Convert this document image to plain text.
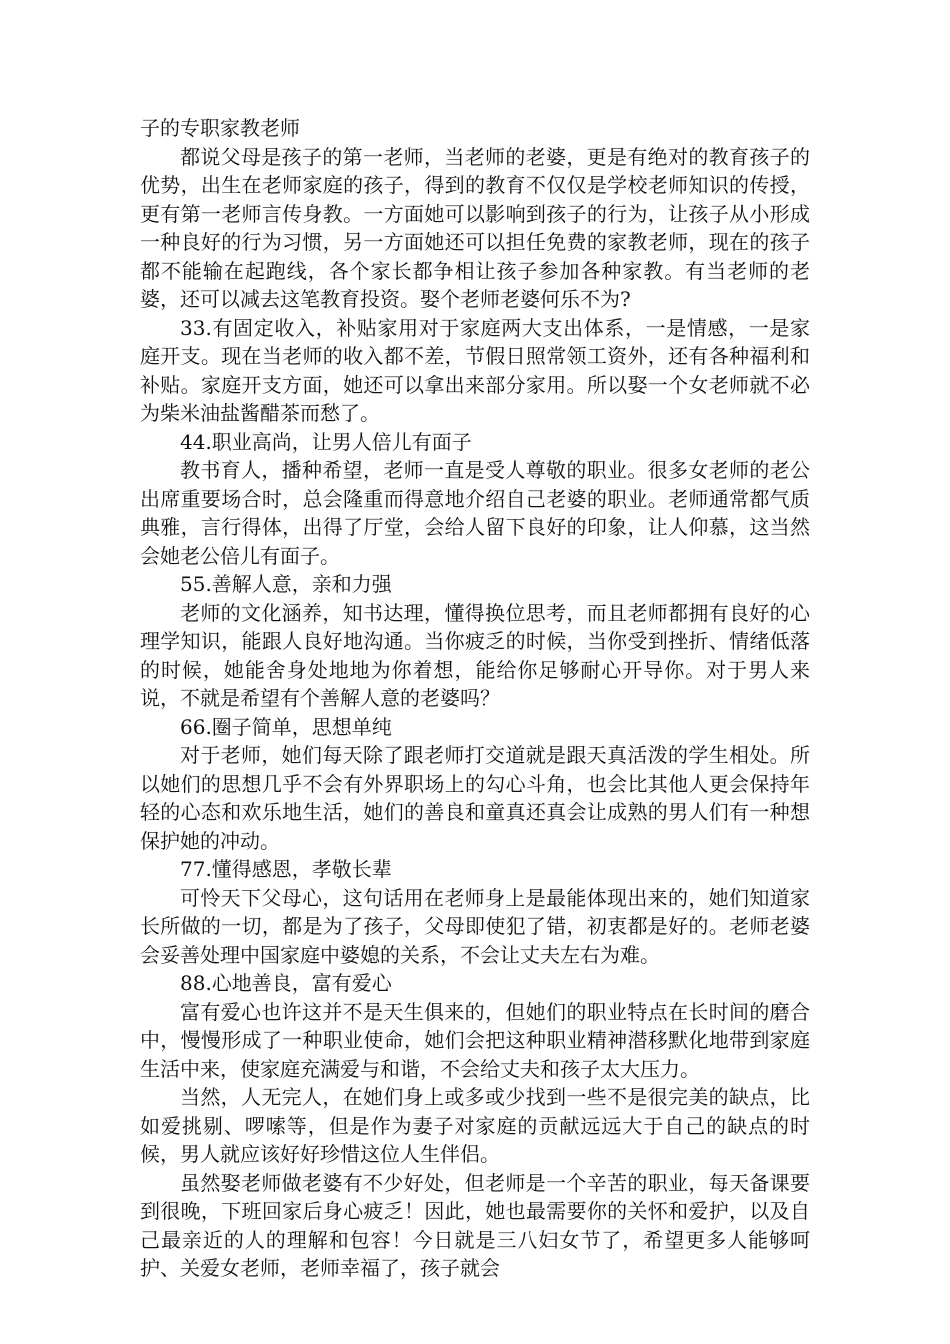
子的专职家教老师

都说父母是孩子的第一老师，当老师的老婆，更是有绝对的教育孩子的优势，出生在老师家庭的孩子，得到的教育不仅仅是学校老师知识的传授，更有第一老师言传身教。一方面她可以影响到孩子的行为，让孩子从小形成一种良好的行为习惯，另一方面她还可以担任免费的家教老师，现在的孩子都不能输在起跑线，各个家长都争相让孩子参加各种家教。有当老师的老婆，还可以减去这笔教育投资。娶个老师老婆何乐不为?

33.有固定收入，补贴家用对于家庭两大支出体系，一是情感，一是家庭开支。现在当老师的收入都不差，节假日照常领工资外，还有各种福利和补贴。家庭开支方面，她还可以拿出来部分家用。所以娶一个女老师就不必为柴米油盐酱醋茶而愁了。

44.职业高尚，让男人倍儿有面子

教书育人，播种希望，老师一直是受人尊敬的职业。很多女老师的老公出席重要场合时，总会隆重而得意地介绍自己老婆的职业。老师通常都气质典雅，言行得体，出得了厅堂，会给人留下良好的印象，让人仰慕，这当然会她老公倍儿有面子。

55.善解人意，亲和力强

老师的文化涵养，知书达理，懂得换位思考，而且老师都拥有良好的心理学知识，能跟人良好地沟通。当你疲乏的时候，当你受到挫折、情绪低落的时候，她能舍身处地地为你着想，能给你足够耐心开导你。对于男人来说，不就是希望有个善解人意的老婆吗？

66.圈子简单，思想单纯

对于老师，她们每天除了跟老师打交道就是跟天真活泼的学生相处。所以她们的思想几乎不会有外界职场上的勾心斗角，也会比其他人更会保持年轻的心态和欢乐地生活，她们的善良和童真还真会让成熟的男人们有一种想保护她的冲动。

77.懂得感恩，孝敬长辈

可怜天下父母心，这句话用在老师身上是最能体现出来的，她们知道家长所做的一切，都是为了孩子，父母即使犯了错，初衷都是好的。老师老婆会妥善处理中国家庭中婆媳的关系，不会让丈夫左右为难。

88.心地善良，富有爱心

富有爱心也许这并不是天生俱来的，但她们的职业特点在长时间的磨合中，慢慢形成了一种职业使命，她们会把这种职业精神潜移默化地带到家庭生活中来，使家庭充满爱与和谐，不会给丈夫和孩子太大压力。

当然，人无完人，在她们身上或多或少找到一些不是很完美的缺点，比如爱挑剔、啰嗦等，但是作为妻子对家庭的贡献远远大于自己的缺点的时候，男人就应该好好珍惜这位人生伴侣。

虽然娶老师做老婆有不少好处，但老师是一个辛苦的职业，每天备课要到很晚，下班回家后身心疲乏！因此，她也最需要你的关怀和爱护，以及自己最亲近的人的理解和包容！今日就是三八妇女节了，希望更多人能够呵护、关爱女老师，老师幸福了，孩子就会
